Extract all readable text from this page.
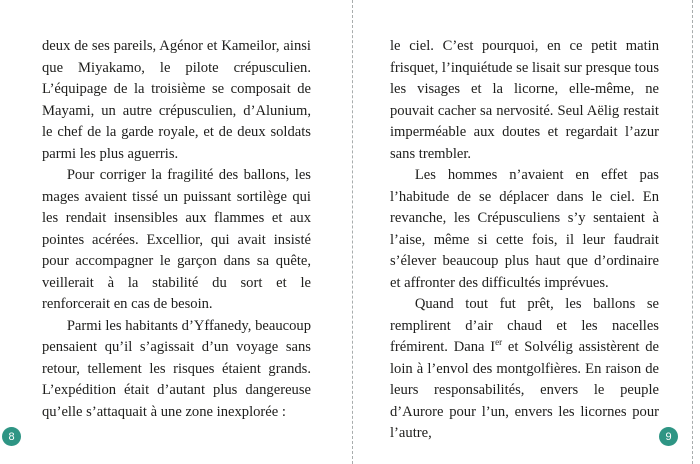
deux de ses pareils, Agénor et Kameilor, ainsi que Miyakamo, le pilote crépusculien. L’équipage de la troisième se composait de Mayami, un autre crépusculien, d’Alunium, le chef de la garde royale, et de deux soldats parmi les plus aguerris.

Pour corriger la fragilité des ballons, les mages avaient tissé un puissant sortilège qui les rendait insensibles aux flammes et aux pointes acérées. Excellior, qui avait insisté pour accompagner le garçon dans sa quête, veillerait à la stabilité du sort et le renforcerait en cas de besoin.

Parmi les habitants d’Yffanedy, beaucoup pensaient qu’il s’agissait d’un voyage sans retour, tellement les risques étaient grands. L’expédition était d’autant plus dangereuse qu’elle s’attaquait à une zone inexplorée :

le ciel. C’est pourquoi, en ce petit matin frisquet, l’inquiétude se lisait sur presque tous les visages et la licorne, elle-même, ne pouvait cacher sa nervosité. Seul Aëlig restait imperméable aux doutes et regardait l’azur sans trembler.

Les hommes n’avaient en effet pas l’habitude de se déplacer dans le ciel. En revanche, les Crépusculiens s’y sentaient à l’aise, même si cette fois, il leur faudrait s’élever beaucoup plus haut que d’ordinaire et affronter des difficultés imprévues.

Quand tout fut prêt, les ballons se remplirent d’air chaud et les nacelles frémirent. Dana Ier et Solvélig assistèrent de loin à l’envol des montgolfières. En raison de leurs responsabilités, envers le peuple d’Aurore pour l’un, envers les licornes pour l’autre,

8	9
